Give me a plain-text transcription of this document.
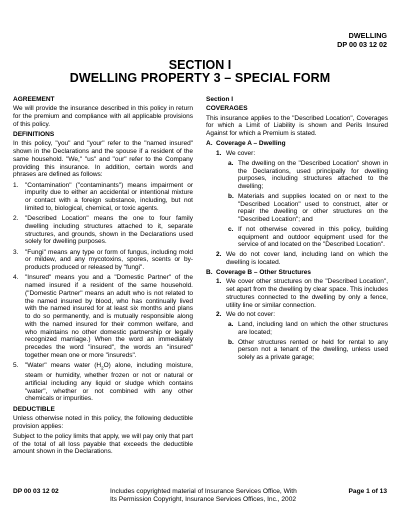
DWELLING
DP 00 03 12 02
SECTION I
DWELLING PROPERTY 3 – SPECIAL FORM
AGREEMENT

We will provide the insurance described in this policy in return for the premium and compliance with all applicable provisions of this policy.

DEFINITIONS

In this policy, "you" and "your" refer to the "named insured" shown in the Declarations and the spouse if a resident of the same household. "We," "us" and "our" refer to the Company providing this insurance. In addition, certain words and phrases are defined as follows:

1. "Contamination" ("contaminants") means impairment or impurity due to either an accidental or intentional mixture or contact with a foreign substance, including, but not limited to, biological, chemical, or toxic agents.
2. "Described Location" means the one to four family dwelling including structures attached to it, separate structures, and grounds, shown in the Declarations used solely for dwelling purposes.
3. "Fungi" means any type or form of fungus, including mold or mildew, and any mycotoxins, spores, scents or by-products produced or released by "fungi".
4. "Insured" means you and a "Domestic Partner" of the named insured if a resident of the same household. ("Domestic Partner" means an adult who is not related to the named insured by blood, who has continually lived with the named insured for at least six months and plans to do so permanently, and is mutually responsible along with the named insured for their common welfare, and who maintains no other domestic partnership or legally recognized marriage.) When the word an immediately precedes the word "insured", the words an "insured" together mean one or more "insureds".
5. "Water" means water $(H_2O)$ alone, including moisture, steam or humidity, whether frozen or not or natural or artificial including any liquid or sludge which contains "water", whether or not combined with any other chemicals or impurities.
DEDUCTIBLE

Unless otherwise noted in this policy, the following deductible provision applies:

Subject to the policy limits that apply, we will pay only that part of the total of all loss payable that exceeds the deductible amount shown in the Declarations.

Section I
COVERAGES

This insurance applies to the "Described Location", Coverages for which a Limit of Liability is shown and Perils Insured Against for which a Premium is stated.

A. Coverage A – Dwelling
1. We cover:
a. The dwelling on the "Described Location" shown in the Declarations, used principally for dwelling purposes, including structures attached to the dwelling;
b. Materials and supplies located on or next to the "Described Location" used to construct, alter or repair the dwelling or other structures on the "Described Location"; and
c. If not otherwise covered in this policy, building equipment and outdoor equipment used for the service of and located on the "Described Location".
2. We do not cover land, including land on which the dwelling is located.
B. Coverage B – Other Structures
1. We cover other structures on the "Described Location", set apart from the dwelling by clear space. This includes structures connected to the dwelling by only a fence, utility line or similar connection.
2. We do not cover:
a. Land, including land on which the other structures are located;
b. Other structures rented or held for rental to any person not a tenant of the dwelling, unless used solely as a private garage;
DP 00 03 12 02	Includes copyrighted material of Insurance Services Office, With
Its Permission Copyright, Insurance Services Offices, Inc., 2002
Page 1 of 13
